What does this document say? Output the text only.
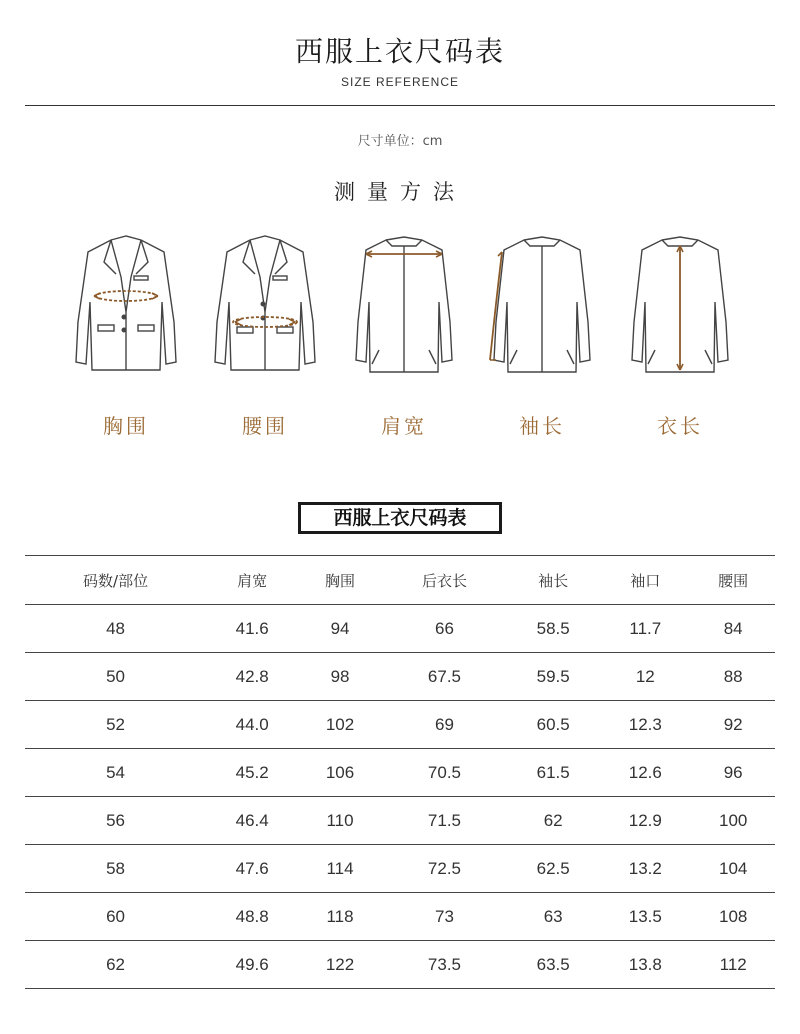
西服上衣尺码表
SIZE REFERENCE
尺寸单位：cm
测量方法
胸围	腰围	肩宽	袖长	衣长
西服上衣尺码表
码数/部位	肩宽	胸围	后衣长	袖长	袖口	腰围
48	41.6	94	66	58.5	11.7	84
50	42.8	98	67.5	59.5	12	88
52	44.0	102	69	60.5	12.3	92
54	45.2	106	70.5	61.5	12.6	96
56	46.4	110	71.5	62	12.9	100
58	47.6	114	72.5	62.5	13.2	104
60	48.8	118	73	63	13.5	108
62	49.6	122	73.5	63.5	13.8	112
